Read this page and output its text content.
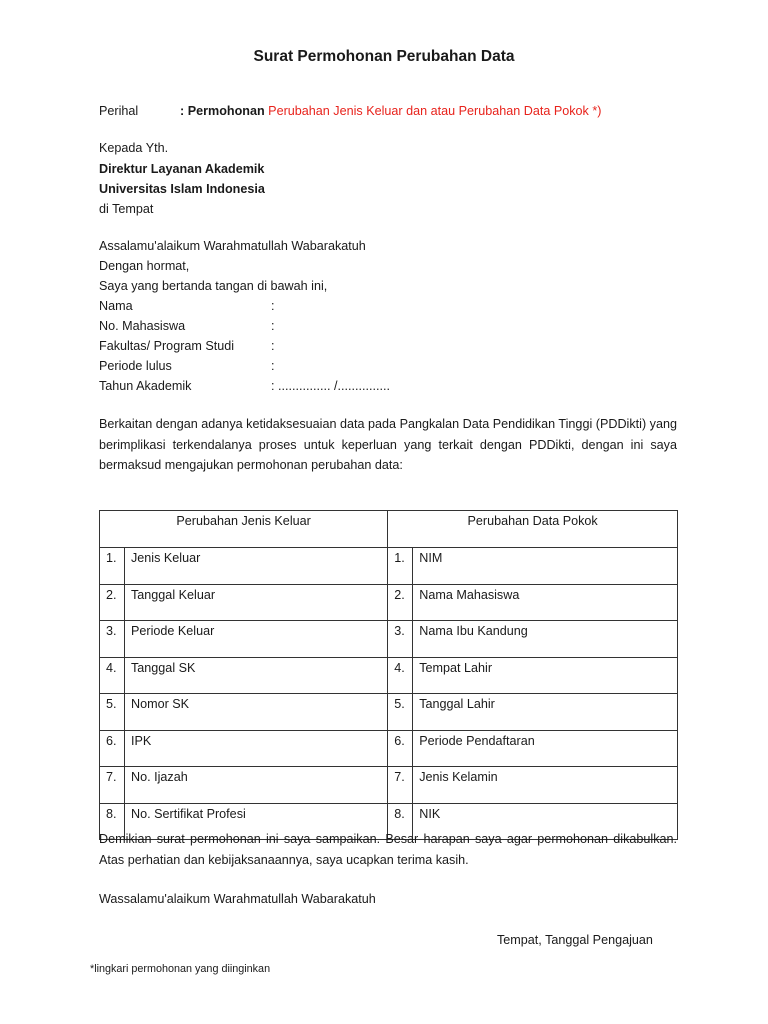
Surat Permohonan Perubahan Data
Perihal	: Permohonan Perubahan Jenis Keluar dan atau Perubahan Data Pokok *)
Kepada Yth.
Direktur Layanan Akademik
Universitas Islam Indonesia
di Tempat
Assalamu'alaikum Warahmatullah Wabarakatuh
Dengan hormat,
Saya yang bertanda tangan di bawah ini,
Nama	:
No. Mahasiswa	:
Fakultas/ Program Studi	:
Periode lulus	:
Tahun Akademik	: ............... /...............
Berkaitan dengan adanya ketidaksesuaian data pada Pangkalan Data Pendidikan Tinggi (PDDikti) yang berimplikasi terkendalanya proses untuk keperluan yang terkait dengan PDDikti, dengan ini saya bermaksud mengajukan permohonan perubahan data:
Perubahan Jenis Keluar		Perubahan Data Pokok	
1.	Jenis Keluar	1.	NIM
2.	Tanggal Keluar	2.	Nama Mahasiswa
3.	Periode Keluar	3.	Nama Ibu Kandung
4.	Tanggal SK	4.	Tempat Lahir
5.	Nomor SK	5.	Tanggal Lahir
6.	IPK	6.	Periode Pendaftaran
7.	No. Ijazah	7.	Jenis Kelamin
8.	No. Sertifikat Profesi	8.	NIK
Demikian surat permohonan ini saya sampaikan. Besar harapan saya agar permohonan dikabulkan. Atas perhatian dan kebijaksanaannya, saya ucapkan terima kasih.
Wassalamu'alaikum Warahmatullah Wabarakatuh
Tempat, Tanggal Pengajuan
*lingkari permohonan yang diinginkan
